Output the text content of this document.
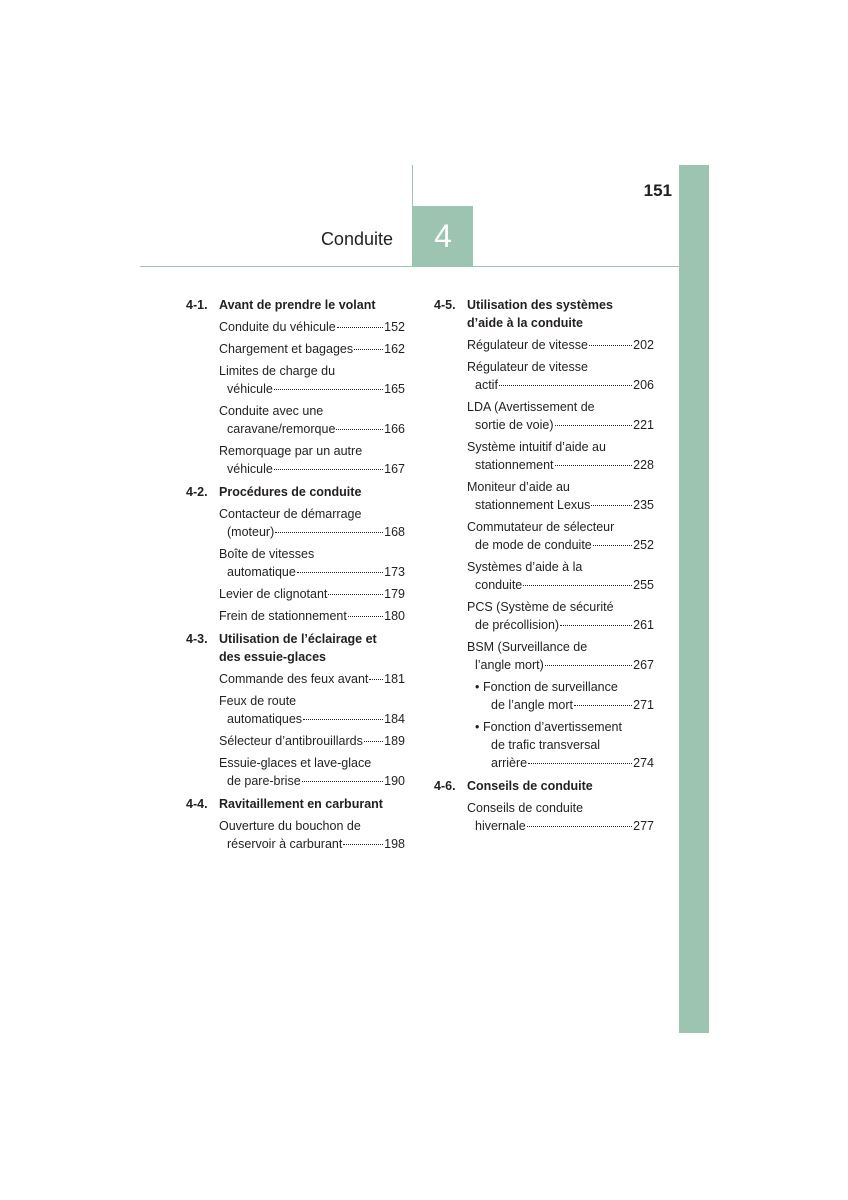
151
4
Conduite
4-1. Avant de prendre le volant
Conduite du véhicule	152
Chargement et bagages 162
Limites de charge du
véhicule	165
Conduite avec une
caravane/remorque	166
Remorquage par un autre
véhicule	167
4-2. Procédures de conduite
Contacteur de démarrage
(moteur)	168
Boîte de vitesses
automatique	173
Levier de clignotant	179
Frein de stationnement	180
4-3. Utilisation de l’éclairage et
des essuie-glaces
Commande des feux avant 181
Feux de route
automatiques	184
Sélecteur d’antibrouillards 189
Essuie-glaces et lave-glace
de pare-brise	190
4-4. Ravitaillement en carburant
Ouverture du bouchon de
réservoir à carburant	198
4-5. Utilisation des systèmes
d’aide à la conduite
Régulateur de vitesse	202
Régulateur de vitesse
actif	206
LDA (Avertissement de
sortie de voie)	221
Système intuitif d’aide au
stationnement	228
Moniteur d’aide au
stationnement Lexus	235
Commutateur de sélecteur
de mode de conduite	252
Systèmes d’aide à la
conduite	255
PCS (Système de sécurité
de précollision)	261
BSM (Surveillance de
l’angle mort)	267
• Fonction de surveillance
de l’angle mort	271
• Fonction d’avertissement
de trafic transversal
arrière	274
4-6. Conseils de conduite
Conseils de conduite
hivernale	277
